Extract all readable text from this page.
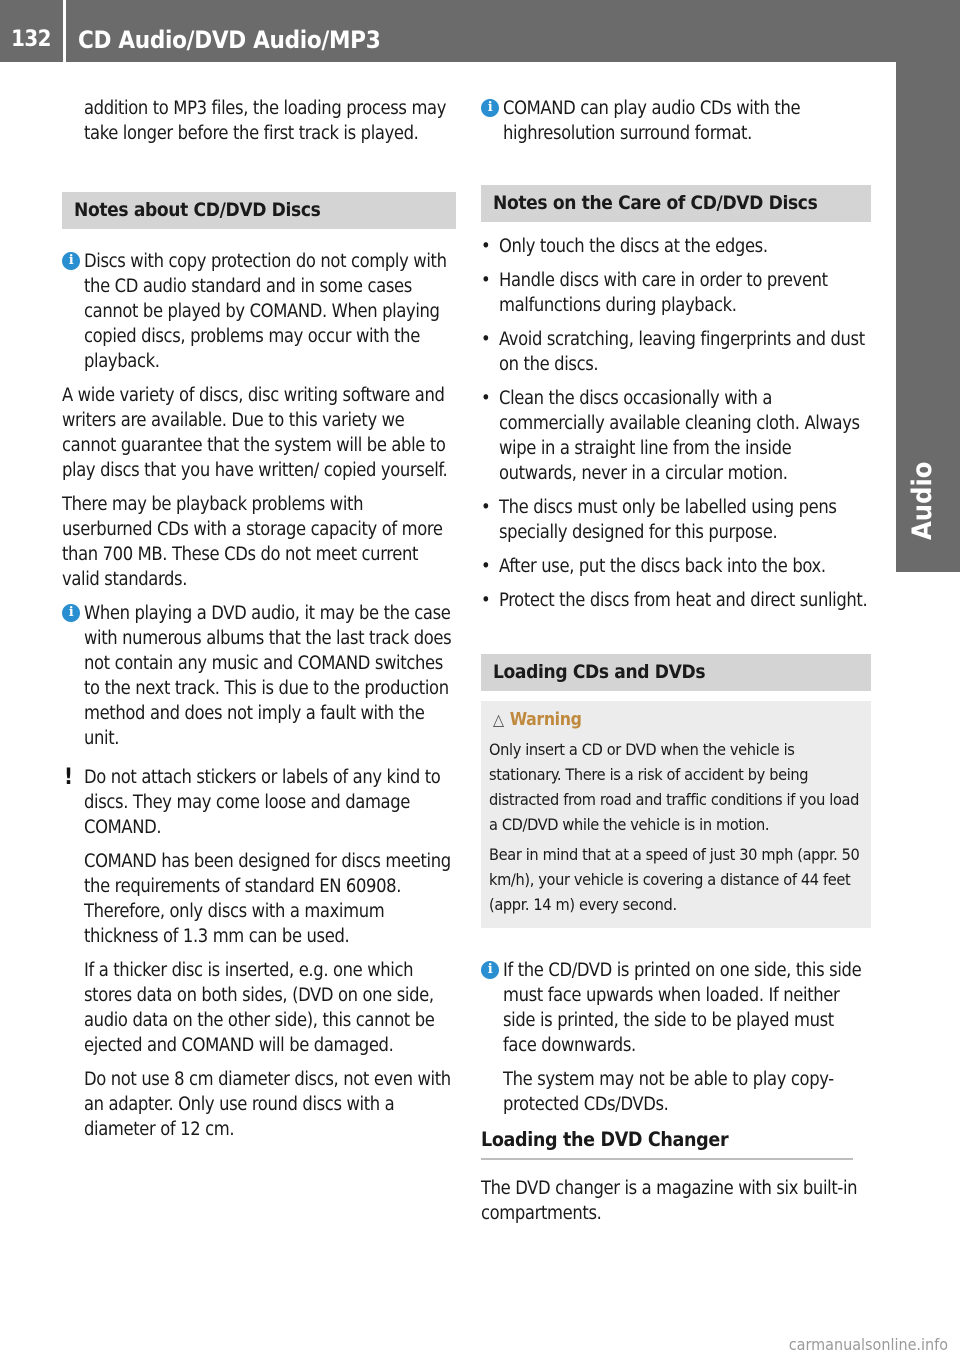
132	CD Audio/DVD Audio/MP3
Audio

addition to MP3 files, the loading process may take longer before the first track is played.

Notes about CD/DVD Discs
i Discs with copy protection do not comply with the CD audio standard and in some cases cannot be played by COMAND. When playing copied discs, problems may occur with the playback.

A wide variety of discs, disc writing software and writers are available. Due to this variety we cannot guarantee that the system will be able to play discs that you have written/ copied yourself.

There may be playback problems with userburned CDs with a storage capacity of more than 700 MB. These CDs do not meet current valid standards.

i When playing a DVD audio, it may be the case with numerous albums that the last track does not contain any music and COMAND switches to the next track. This is due to the production method and does not imply a fault with the unit.
! Do not attach stickers or labels of any kind to discs. They may come loose and damage COMAND.

COMAND has been designed for discs meeting the requirements of standard EN 60908. Therefore, only discs with a maximum thickness of 1.3 mm can be used.

If a thicker disc is inserted, e.g. one which stores data on both sides, (DVD on one side, audio data on the other side), this cannot be ejected and COMAND will be damaged.

Do not use 8 cm diameter discs, not even with an adapter. Only use round discs with a diameter of 12 cm.

i COMAND can play audio CDs with the highresolution surround format.
Notes on the Care of CD/DVD Discs
• Only touch the discs at the edges.
• Handle discs with care in order to prevent malfunctions during playback.
• Avoid scratching, leaving fingerprints and dust on the discs.
• Clean the discs occasionally with a commercially available cleaning cloth. Always wipe in a straight line from the inside outwards, never in a circular motion.
• The discs must only be labelled using pens specially designed for this purpose.
• After use, put the discs back into the box.
• Protect the discs from heat and direct sunlight.
Loading CDs and DVDs
△ Warning

Only insert a CD or DVD when the vehicle is stationary. There is a risk of accident by being distracted from road and traffic conditions if you load a CD/DVD while the vehicle is in motion.

Bear in mind that at a speed of just 30 mph (appr. 50 km/h), your vehicle is covering a distance of 44 feet (appr. 14 m) every second.

i If the CD/DVD is printed on one side, this side must face upwards when loaded. If neither side is printed, the side to be played must face downwards.

The system may not be able to play copy-protected CDs/DVDs.

Loading the DVD Changer

The DVD changer is a magazine with six built-in compartments.

carmanualsonline.info
